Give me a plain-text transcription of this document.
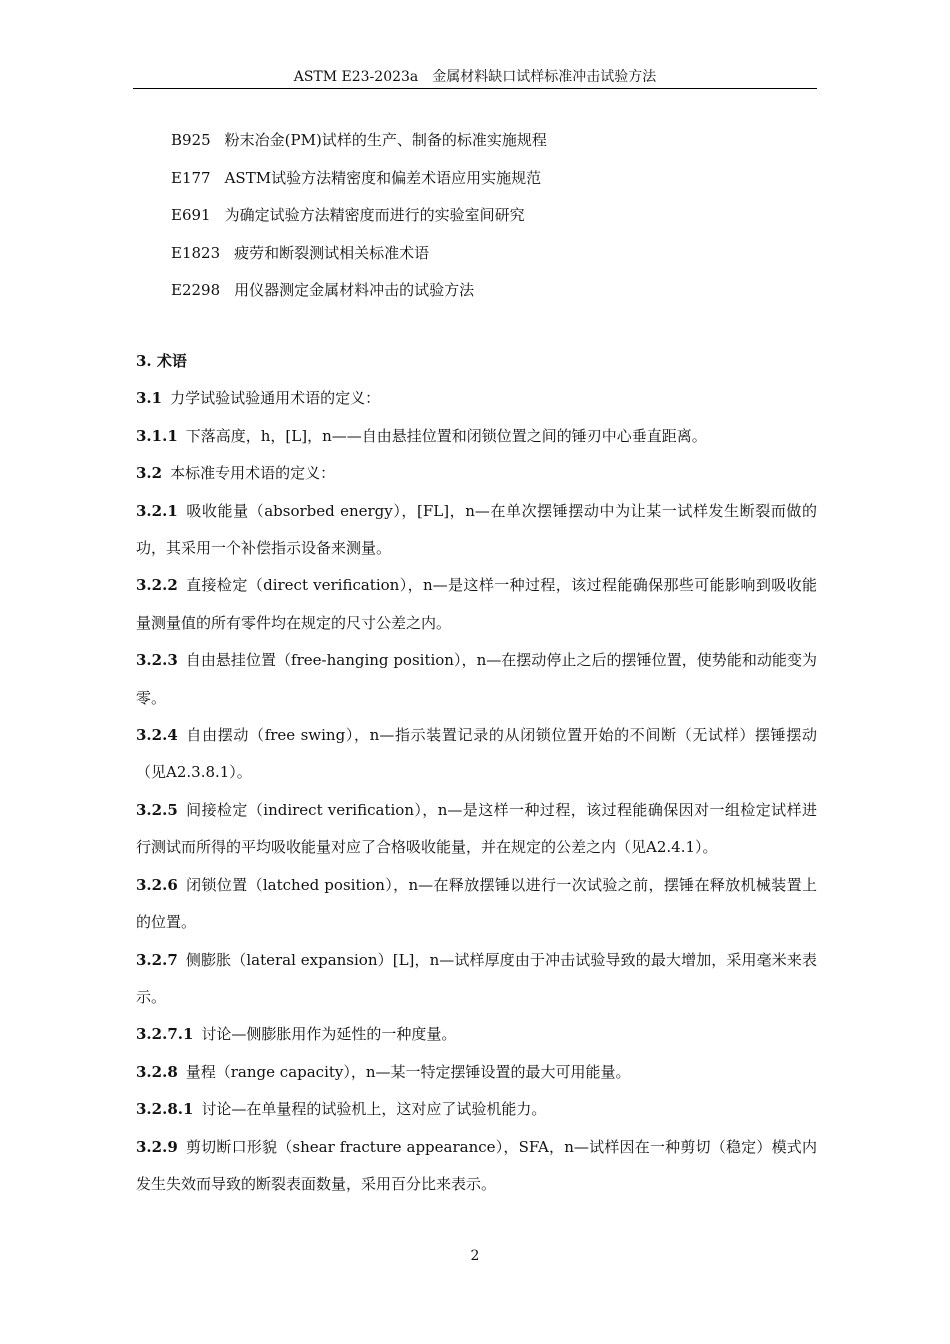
ASTM E23-2023a　金属材料缺口试样标准冲击试验方法
B925 粉末冶金(PM)试样的生产、制备的标准实施规程
E177 ASTM试验方法精密度和偏差术语应用实施规范
E691 为确定试验方法精密度而进行的实验室间研究
E1823 疲劳和断裂测试相关标准术语
E2298 用仪器测定金属材料冲击的试验方法

3. 术语

3.1 力学试验试验通用术语的定义：

3.1.1 下落高度，h，[L]，n——自由悬挂位置和闭锁位置之间的锤刃中心垂直距离。

3.2 本标准专用术语的定义：

3.2.1 吸收能量（absorbed energy），[FL]，n—在单次摆锤摆动中为让某一试样发生断裂而做的功，其采用一个补偿指示设备来测量。

3.2.2 直接检定（direct verification），n—是这样一种过程，该过程能确保那些可能影响到吸收能量测量值的所有零件均在规定的尺寸公差之内。

3.2.3 自由悬挂位置（free-hanging position），n—在摆动停止之后的摆锤位置，使势能和动能变为零。

3.2.4 自由摆动（free swing），n—指示装置记录的从闭锁位置开始的不间断（无试样）摆锤摆动（见A2.3.8.1）。

3.2.5 间接检定（indirect verification），n—是这样一种过程，该过程能确保因对一组检定试样进行测试而所得的平均吸收能量对应了合格吸收能量，并在规定的公差之内（见A2.4.1）。

3.2.6 闭锁位置（latched position），n—在释放摆锤以进行一次试验之前，摆锤在释放机械装置上的位置。

3.2.7 侧膨胀（lateral expansion）[L]，n—试样厚度由于冲击试验导致的最大增加，采用毫米来表示。

3.2.7.1 讨论—侧膨胀用作为延性的一种度量。

3.2.8 量程（range capacity），n—某一特定摆锤设置的最大可用能量。

3.2.8.1 讨论—在单量程的试验机上，这对应了试验机能力。

3.2.9 剪切断口形貌（shear fracture appearance），SFA，n—试样因在一种剪切（稳定）模式内发生失效而导致的断裂表面数量，采用百分比来表示。

2
